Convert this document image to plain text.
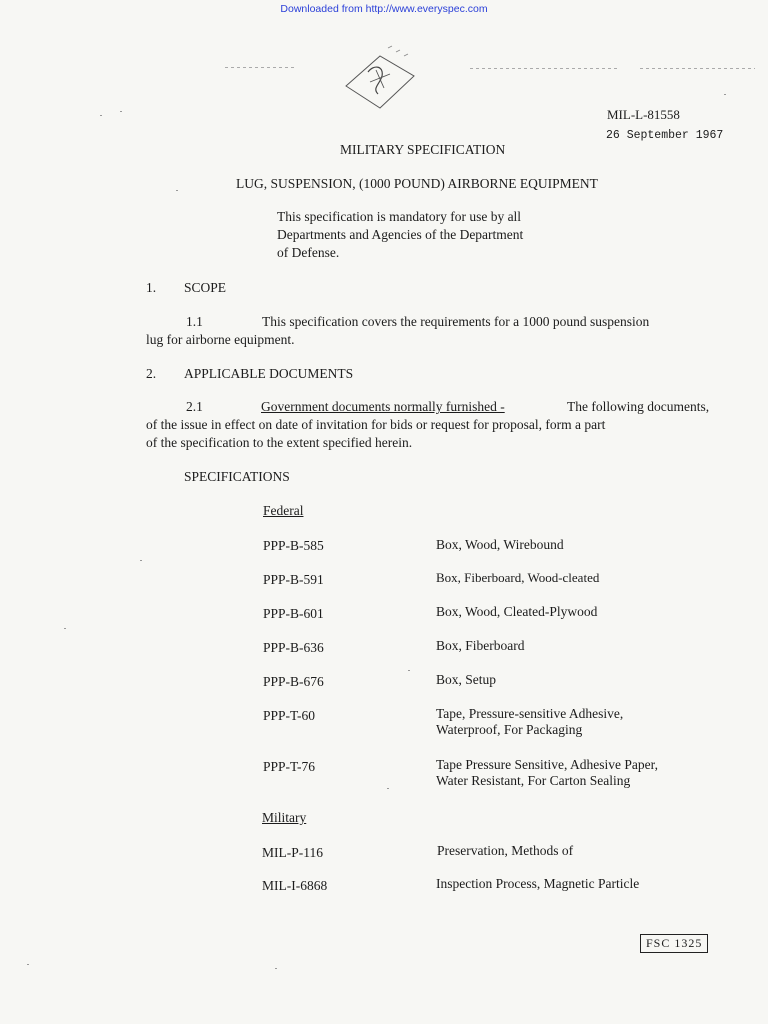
Downloaded from http://www.everyspec.com
MIL-L-81558
26 September 1967
MILITARY SPECIFICATION
LUG, SUSPENSION, (1000 POUND) AIRBORNE EQUIPMENT
This specification is mandatory for use by all
Departments and Agencies of the Department
of Defense.
1. SCOPE
1.1	This specification covers the requirements for a 1000 pound suspension
lug for airborne equipment.
2. APPLICABLE DOCUMENTS
2.1	Government documents normally furnished -	The following documents,
of the issue in effect on date of invitation for bids or request for proposal, form a part
of the specification to the extent specified herein.
SPECIFICATIONS
Federal
PPP-B-585	Box, Wood, Wirebound
PPP-B-591	Box, Fiberboard, Wood-cleated
PPP-B-601	Box, Wood, Cleated-Plywood
PPP-B-636	Box, Fiberboard
PPP-B-676	Box, Setup
PPP-T-60	Tape, Pressure-sensitive Adhesive,
Waterproof, For Packaging
PPP-T-76	Tape Pressure Sensitive, Adhesive Paper,
Water Resistant, For Carton Sealing
Military
MIL-P-116	Preservation, Methods of
MIL-I-6868	Inspection Process, Magnetic Particle
FSC 1325
